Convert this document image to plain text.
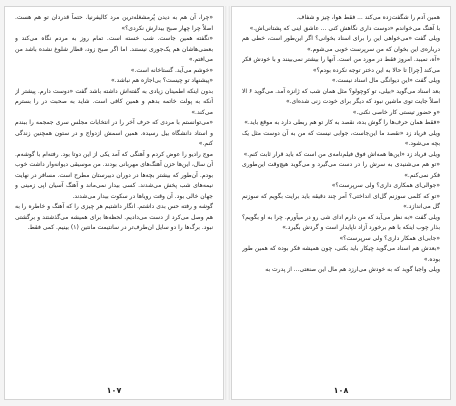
«چرا، آن هم به دیدن پُرمشغله‌ترین مرد کالیفرنیا. حتماً قدردان تو هم هست. اصلاً چرا چهار صبح بیدارش نکردی؟»

«نگفته همین جاست. شب خسته است. تمام روز به مردم نگاه می‌کند و بعضی‌هاشان هم یک‌جوری نیستند. اما اگر صبح زود، قطار شلوغ نشده باشد من می‌افتم.»

«خوشم می‌آید. گستاخانه است.»

«پیشنهاد تو چیست؟ بی‌اجازه هم نباشد.»

بدون اینکه اطمینان زیادی به گفته‌اش داشته باشد گفت «دوست دارم. پیشتر از آنکه به پولت خاتمه بدهم و همین کافی است. شاید به صحبت در را بسترم می‌کند.»

«می‌توانستم با مردی که حرف آخر را در انتخابات مجلس سری جمجمه را ببندم و استاد دانشگاه بیل رسیده. همین اسمش ازدواج و در ستون همچنین زندگی کنم.»

موج رادیو را عوض کردم و آهنگی که آمد یکی از این دوتا بود. رفته‌ام با گوشه‌م. آن سال، این‌ها حزن آهنگ‌های مهربانی بودند. من موسیقی دیوانه‌وار داشت خوب بودم. آن‌طور که بیشتر بچه‌ها در دوران دبیرستان مطرح است. مسافر در نهایت نیمه‌های شب پخش می‌شدند. کسی بیدار نمی‌ماند و آهنگ آسیان اپی زمینی و جهان خالی بود. آن وقت رویاها در سکوت بیدار می‌شدند.

گوشه و رفته حس بدی داشتم. انگار داشتیم هر چیزی را که آهنگ و خاطره را به هم وصل می‌کرد از دست می‌دادیم. لحظه‌ها برای همیشه می‌گذشتند و برگشتی نبود. برگ‌ها را دو سایل ان‌طرف‌تر در سانتیمت مانتین (۱) بینیم. کمی فقط.

۱۰۷

همین آدم را شگفت‌زده می‌کند ... فقط هوا، چیز و شفاف.

با آهنگ می‌خواندم «دوست داری نگاهش کنی ... عاشق اینی که پشتانی‌اش.»

ویلی گفت «می‌خواهی این را برای اسناد بخوانی؟ اگر این‌طور است، خطی هم درباره‌ی این بخوان که من سرپرست خوبی می‌شوم.»

«آه، نمیبد. امروز فقط در مورد من است. آنها را بیشتر نمی‌بینند و با خودش فکر می‌کند [چرا] تا حالا به این دختر توجه نکرده بودم؟»

ویلی گفت «این دیوانگی مال اسناد نیست.»

بعد اسناد می‌گوید «بیلی، تو کوچولو؟ مثل همان شب که ژانزه آمد. می‌گوید ۶ الا اصلاً جایت توی ماشین نبود که دیگر برای خودت زنی شده‌ای.»

«و حضور تیستی کار خاصی نکنی.»

«فقط همان حرف‌ها را گوش بده، نقصد به کار تو هم ربطی دارد به موقع باید.»

ویلی فریاد زد «نقصد ما این‌جاست، جوابی نیست که من به آن دوست مثل یک بچه می‌شود.»

ویلی فریاد زد «این‌ها همه‌اش فوق فیلم‌نامه‌ی من است که باید قرار ثابت کنم.»

«تو هم می‌شنیدی به سرش را در دست می‌گیرد و می‌گوید هیچ‌وقت این‌طوری فکر نمی‌کنم.»

«جوالی‌ای همکاری داری؟ ولی سرپرست؟»

«تو که کلمی سوزنم گل‌ای انداختی؟ آمر چند دقیقه باید برایت بگویم که سوزنم گل می‌اندازد.»

ویلی گفت «به نظر می‌آید که من دارم ادای شی رو در میآورم. چرا به او بگویم؟ بذار چوب اینکه با هم برخورد آزاد ناپایدار است و گردش بگیرد.»

«جابی‌ای همکار داری؟ ولی سرپرست؟»

«بعدش هم اسناد می‌گوید چیکار باید بکنی، چون همیشه فکر بوده که همین طور بوده.»

ویلی واجبا گوید که به خودش می‌ارزد هم مال این صنعتی... از پدرت به

۱۰۸
